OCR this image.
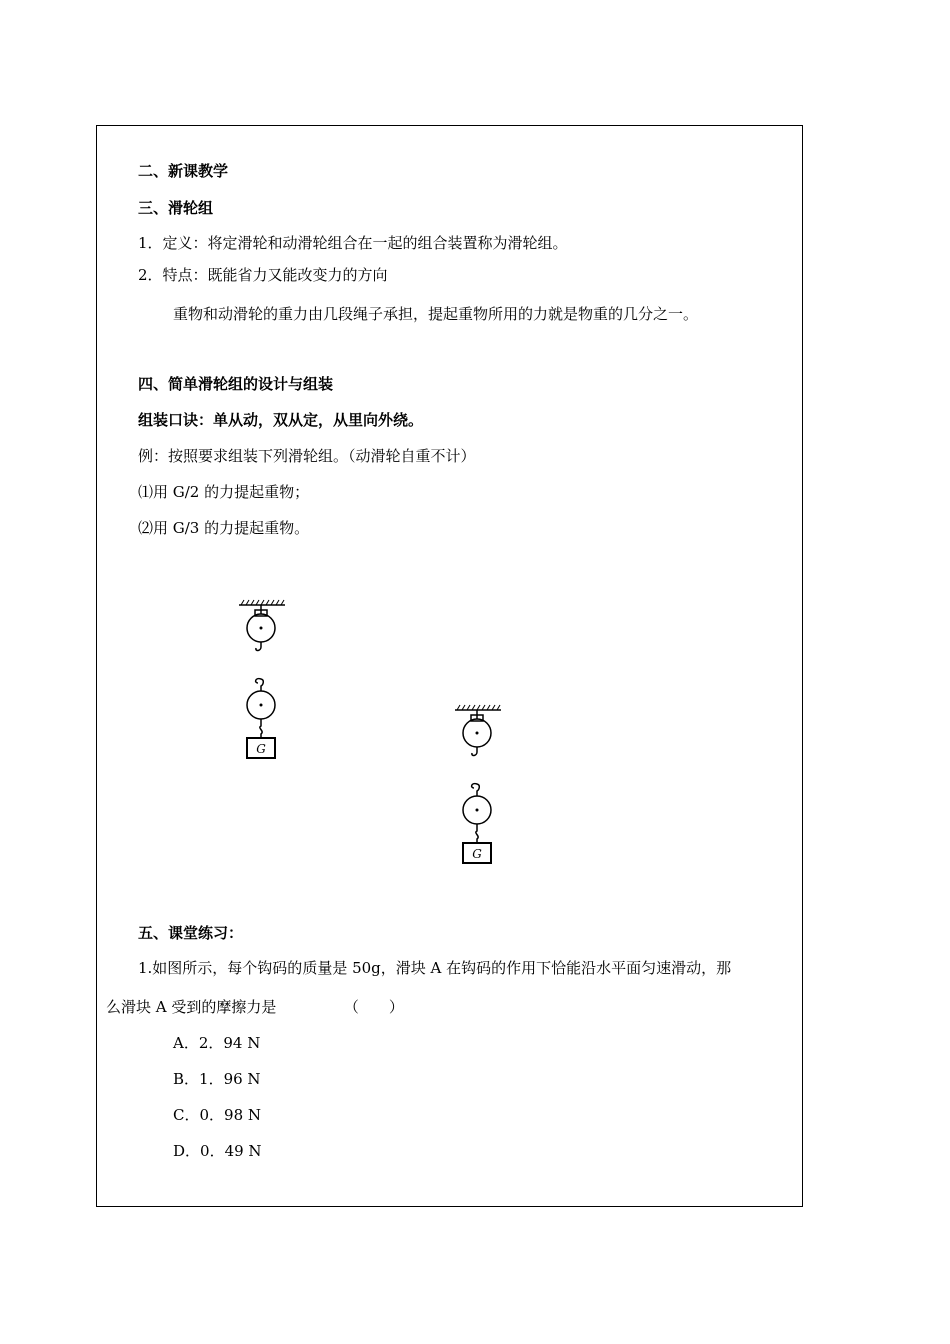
二、新课教学
三、滑轮组
1．定义：将定滑轮和动滑轮组合在一起的组合装置称为滑轮组。
2．特点：既能省力又能改变力的方向
重物和动滑轮的重力由几段绳子承担，提起重物所用的力就是物重的几分之一。
四、简单滑轮组的设计与组装
组装口诀：单从动，双从定，从里向外绕。
例：按照要求组装下列滑轮组。（动滑轮自重不计）
⑴用 G/2 的力提起重物；
⑵用 G/3 的力提起重物。
G
G
五、课堂练习：
1.如图所示，每个钩码的质量是 50g，滑块 A 在钩码的作用下恰能沿水平面匀速滑动，那
么滑块 A 受到的摩擦力是　　　　　（　　）
A．2．94 N
B．1．96 N
C．0．98 N
D．0．49 N
